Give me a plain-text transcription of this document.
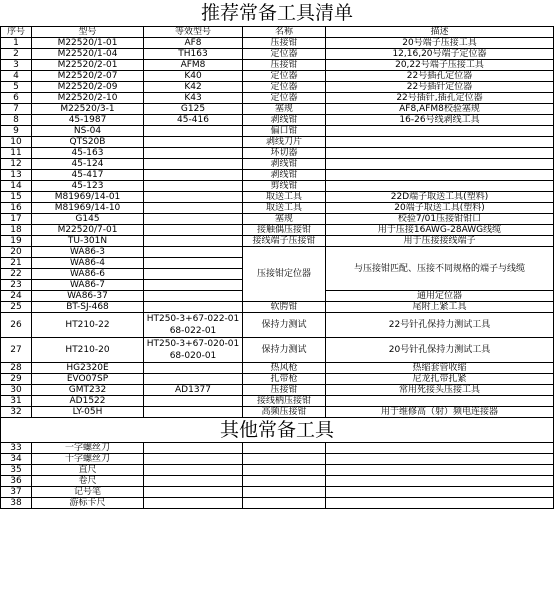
推荐常备工具清单
序号	型号	等效型号	名称	描述
1	M22520/1-01	AF8	压接钳	20号端子压接工具
2	M22520/1-04	TH163	定位器	12,16,20号端子定位器
3	M22520/2-01	AFM8	压接钳	20,22号端子压接工具
4	M22520/2-07	K40	定位器	22号插孔定位器
5	M22520/2-09	K42	定位器	22号插针定位器
6	M22520/2-10	K43	定位器	22号插针,插孔定位器
7	M22520/3-1	G125	塞规	AF8,AFM8校验塞规
8	45-1987	45-416	剥线钳	16-26号线剥线工具
9	NS-04		偏口钳	
10	QTS20B		剥线刀片	
11	45-163		环切器	
12	45-124		剥线钳	
13	45-417		剥线钳	
14	45-123		剪线钳	
15	M81969/14-01		取送工具	22D端子取送工具(塑料)
16	M81969/14-10		取送工具	20端子取送工具(塑料)
17	G145		塞规	校验7/01压接钳钳口
18	M22520/7-01		接触偶压接钳	用于压接16AWG-28AWG线缆
19	TU-301N		接线端子压接钳	用于压接接线端子
20	WA86-3		压接钳定位器	与压接钳匹配、压接不同规格的端子与线缆
21	WA86-4			
22	WA86-6			
23	WA86-7			
24	WA86-37			通用定位器
25	BT-SJ-468		软腭钳	尾附上紧工具
26	HT210-22	HT250-3+67-022-01
68-022-01	保持力测试	22号针孔保持力测试工具
27	HT210-20	HT250-3+67-020-01
68-020-01	保持力测试	20号针孔保持力测试工具
28	HG2320E		热风枪	热缩套管收缩
29	EVO07SP		扎带枪	尼龙扎带扎紧
30	GMT232	AD1377	压接钳	常用死接头压接工具
31	AD1522		接线柄压接钳	
32	LY-05H		高频压接钳	用于维修高（射）频电连接器
其他常备工具
33	一字螺丝刀			
34	十字螺丝刀			
35	直尺			
36	卷尺			
37	记号笔			
38	游标卡尺			
